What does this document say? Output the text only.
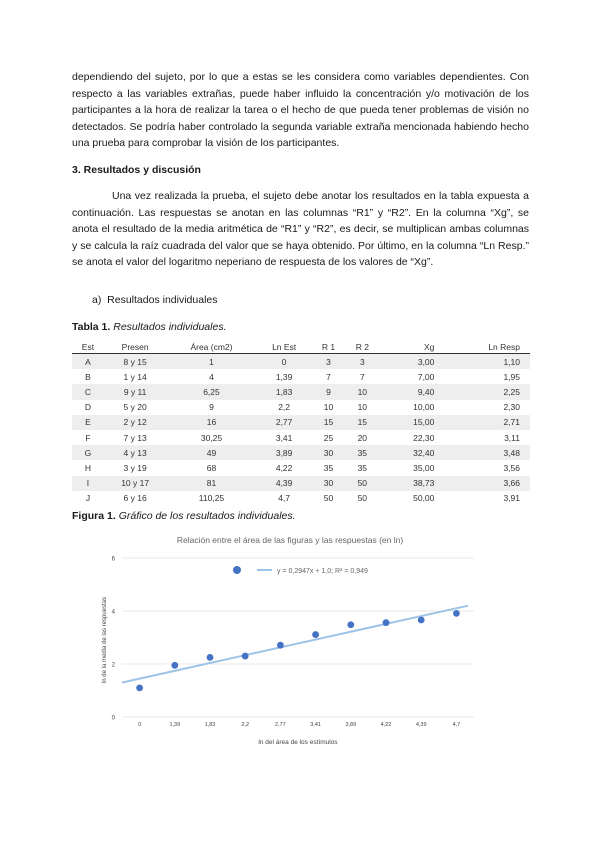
dependiendo del sujeto, por lo que a estas se les considera como variables dependientes. Con respecto a las variables extrañas, puede haber influido la concentración y/o motivación de los participantes a la hora de realizar la tarea o el hecho de que pueda tener problemas de visión no detectados. Se podría haber controlado la segunda variable extraña mencionada habiendo hecho una prueba para comprobar la visión de los participantes.

3. Resultados y discusión

Una vez realizada la prueba, el sujeto debe anotar los resultados en la tabla expuesta a continuación. Las respuestas se anotan en las columnas “R1” y “R2”. En la columna “Xg”, se anota el resultado de la media aritmética de “R1” y “R2”, es decir, se multiplican ambas columnas y se calcula la raíz cuadrada del valor que se haya obtenido. Por último, en la columna “Ln Resp.” se anota el valor del logaritmo neperiano de respuesta de los valores de “Xg”.

a)  Resultados individuales

Tabla 1. Resultados individuales.

Est	Presen	Área (cm2)	Ln Est	R 1	R 2	Xg	Ln Resp
A	8 y 15	1	0	3	3	3,00	1,10
B	1 y 14	4	1,39	7	7	7,00	1,95
C	9 y 11	6,25	1,83	9	10	9,40	2,25
D	5 y 20	9	2,2	10	10	10,00	2,30
E	2 y 12	16	2,77	15	15	15,00	2,71
F	7 y 13	30,25	3,41	25	20	22,30	3,11
G	4 y 13	49	3,89	30	35	32,40	3,48
H	3 y 19	68	4,22	35	35	35,00	3,56
I	10 y 17	81	4,39	30	50	38,73	3,66
J	6 y 16	110,25	4,7	50	50	50,00	3,91

Figura 1. Gráfico de los resultados individuales.

Relación entre el área de las figuras y las respuestas (en ln)
y = 0,2947x + 1,0; R² = 0,949
0
2
4
6
0	1,39	1,83	2,2	2,77	3,41	3,89	4,22	4,39	4,7
ln del área de los estímulos
ln de la media de las respuestas
